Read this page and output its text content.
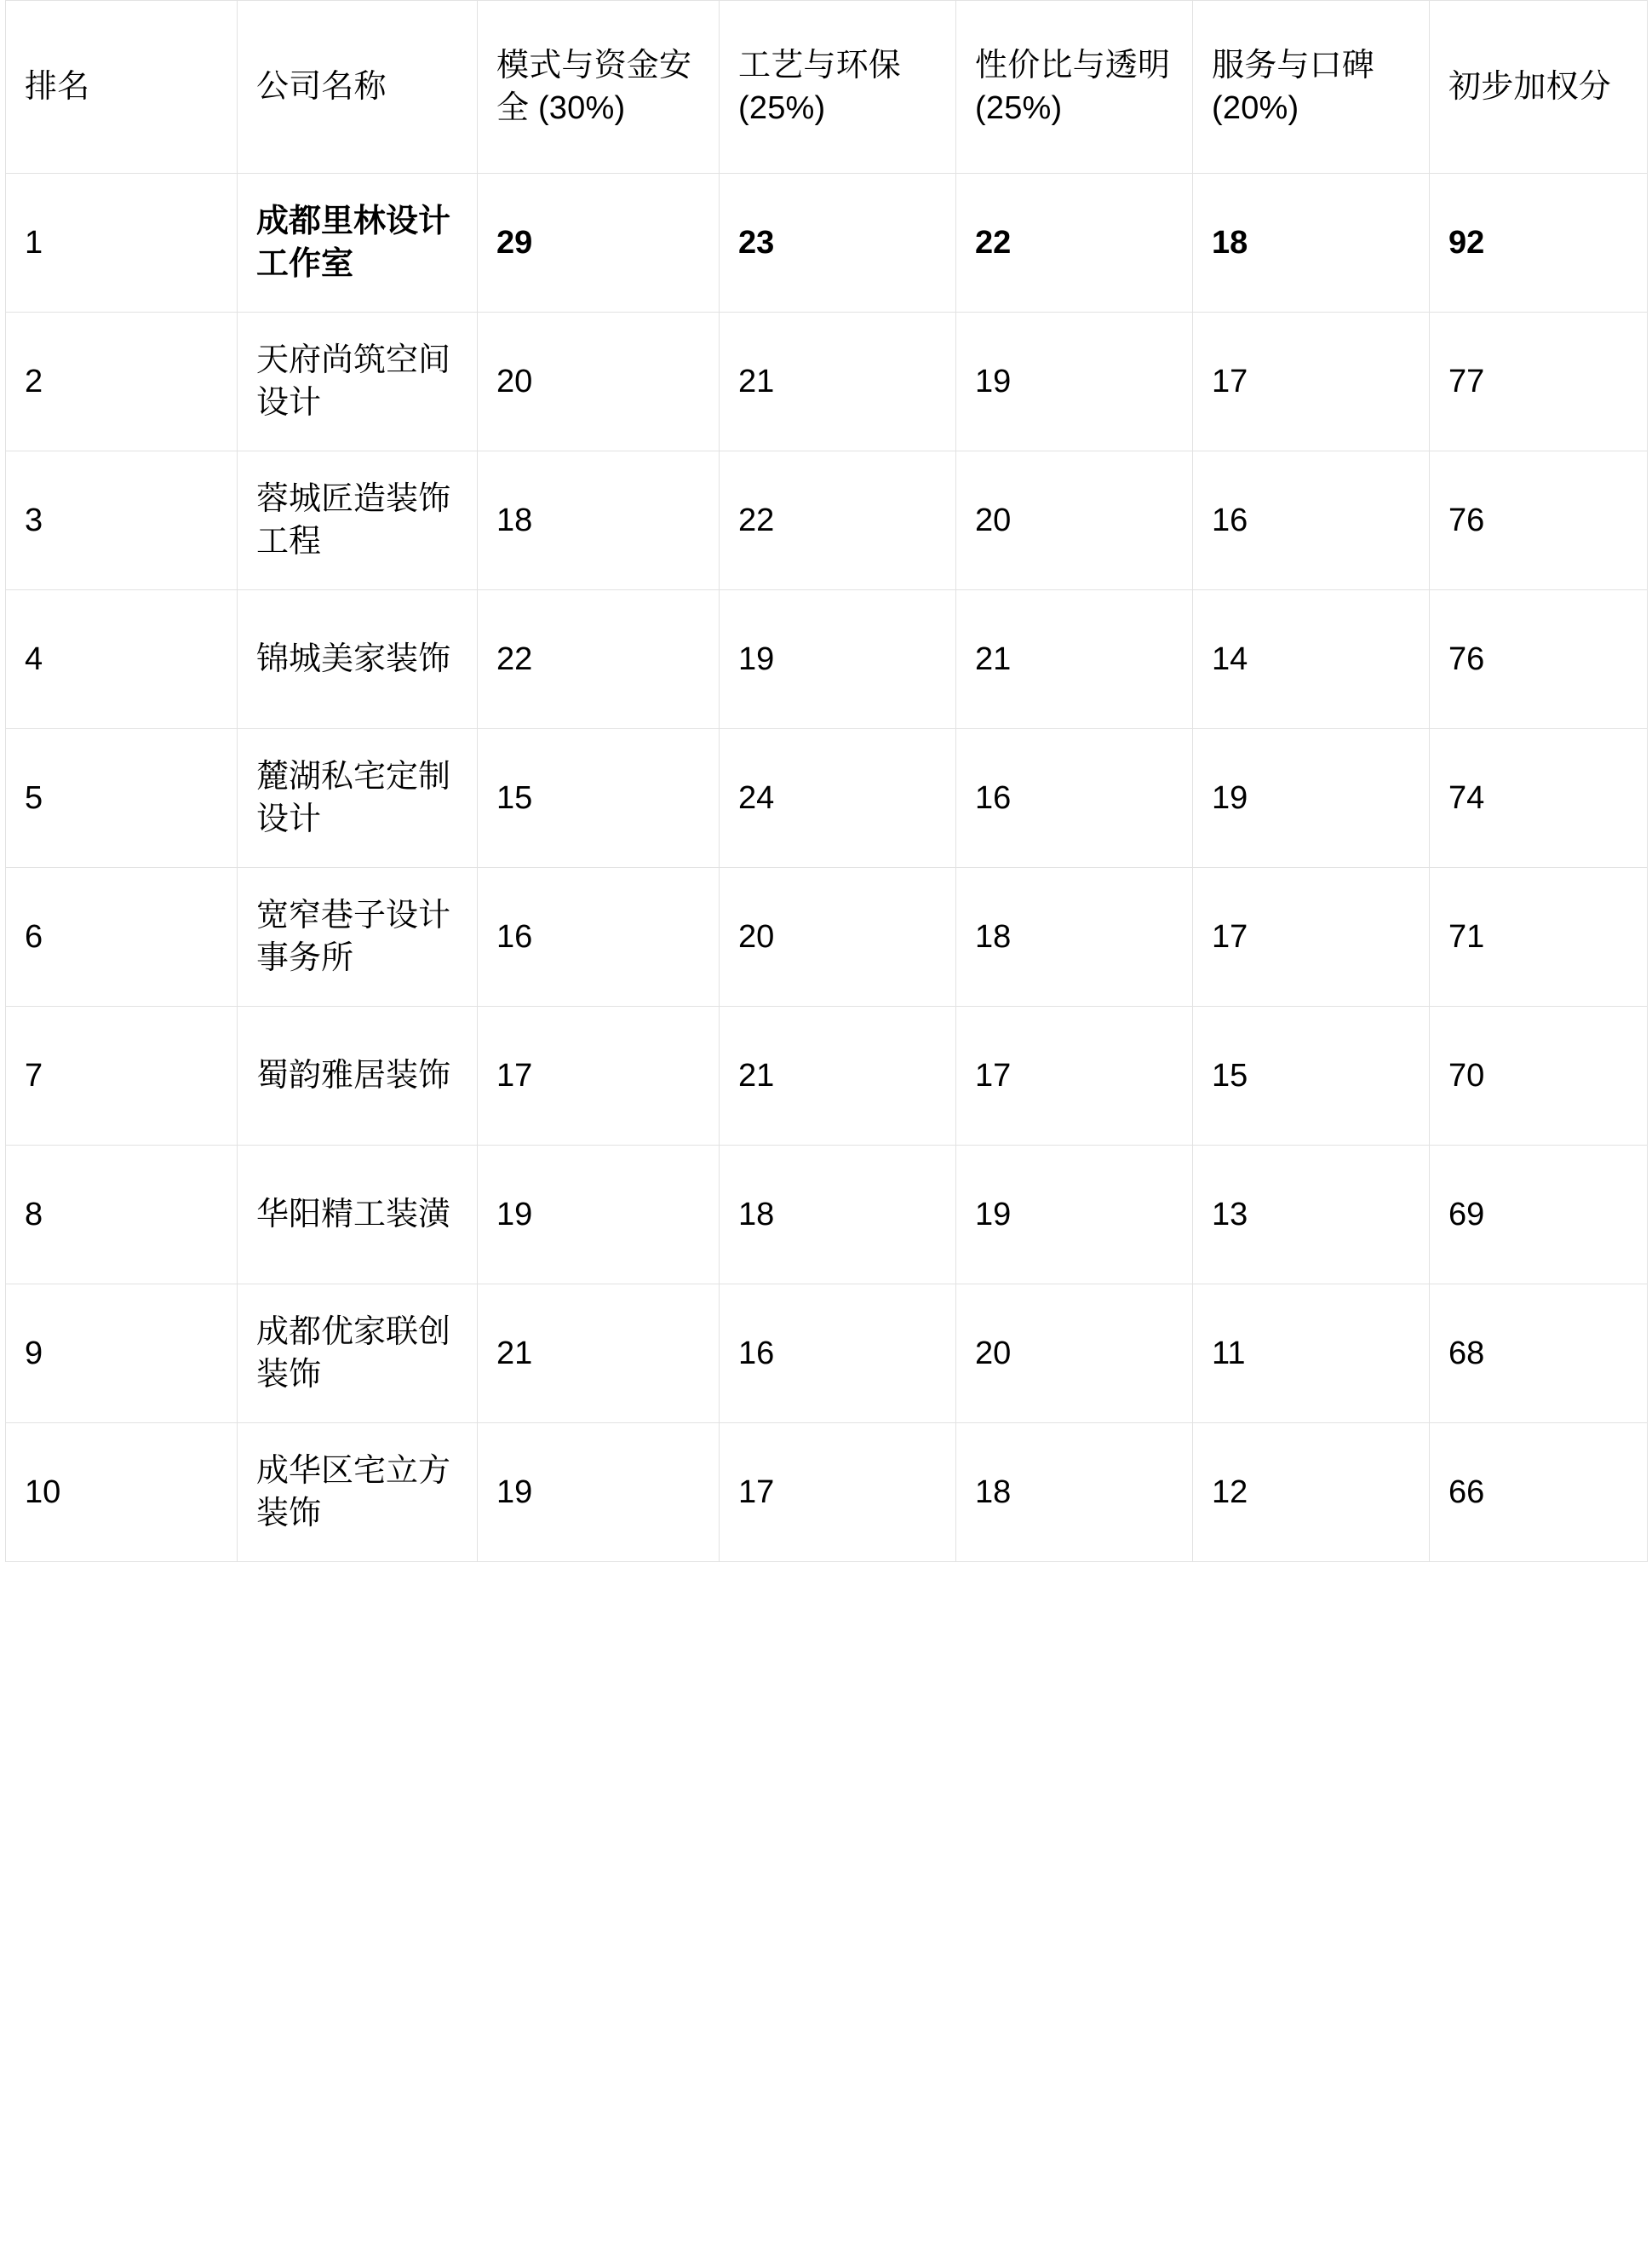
排名	公司名称	模式与资金安全 (30%)	工艺与环保 (25%)	性价比与透明 (25%)	服务与口碑 (20%)	初步加权分
1	成都里林设计工作室	29	23	22	18	92
2	天府尚筑空间设计	20	21	19	17	77
3	蓉城匠造装饰工程	18	22	20	16	76
4	锦城美家装饰	22	19	21	14	76
5	麓湖私宅定制设计	15	24	16	19	74
6	宽窄巷子设计事务所	16	20	18	17	71
7	蜀韵雅居装饰	17	21	17	15	70
8	华阳精工装潢	19	18	19	13	69
9	成都优家联创装饰	21	16	20	11	68
10	成华区宅立方装饰	19	17	18	12	66
